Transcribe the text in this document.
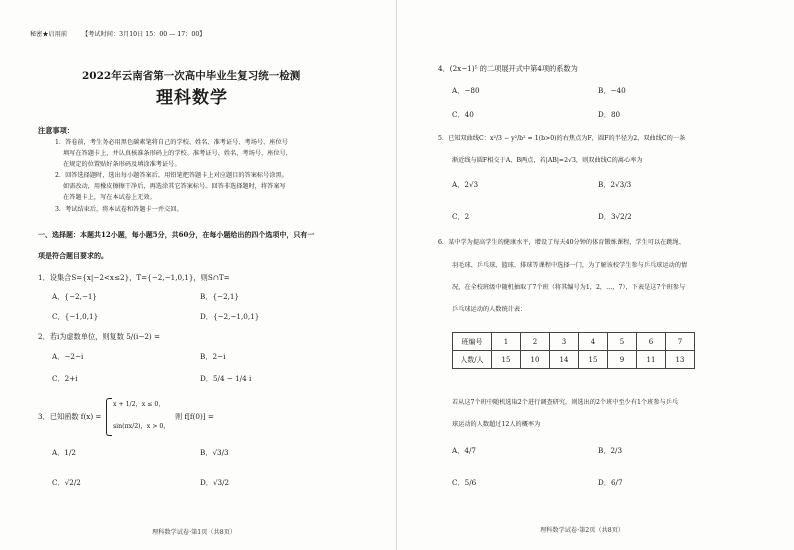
秘密★启用前 【考试时间：3月10日 15：00 — 17：00】
2022年云南省第一次高中毕业生复习统一检测
理科数学
注意事项：
1．答卷前，考生务必用黑色碳素笔将自己的学校、姓名、准考证号、考场号、座位号
填写在答题卡上，并认真核准条形码上的学校、准考证号、姓名、考场号、座位号，
在规定的位置贴好条形码及填涂准考证号。
2．回答选择题时，选出每小题答案后，用铅笔把答题卡上对应题目的答案标号涂黑。
如需改动，用橡皮擦擦干净后，再选涂其它答案标号。回答非选择题时，将答案写
在答题卡上，写在本试卷上无效。
3．考试结束后，将本试卷和答题卡一并交回。
一、选择题：本题共12小题，每小题5分，共60分，在每小题给出的四个选项中，只有一
项是符合题目要求的。
1．设集合S={x|−2<x≤2}，T={−2,−1,0,1}，则S∩T=
A．{−2,−1}	B．{−2,1}
C．{−1,0,1}	D．{−2,−1,0,1}
2．若i为虚数单位，则复数 5/(i−2) =
A．−2−i	B．2−i
C．2+i	D．5/4 − 1/4 i
3．已知函数 f(x) =
x + 1/2，x ≤ 0，
sin(πx/2)，x > 0，
则 f[f(0)] =
A．1/2	B．√3/3
C．√2/2	D．√3/2
理科数学试卷·第1页（共8页）
4．(2x−1)⁵ 的二项展开式中第4项的系数为
A．−80	B．−40
C．40	D．80
5．已知双曲线C：x²/3 − y²/b² = 1(b>0)的右焦点为F，圆F的半径为2，双曲线C的一条
渐近线与圆F相交于A、B两点，若|AB|=2√3，则双曲线C的离心率为
A．2√3	B．2√3/3
C．2	D．3√2/2
6．某中学为提高学生的健康水平，增设了每天40分钟的体育锻炼课程，学生可以在跳绳、
羽毛球、乒乓球、篮球、排球等课程中选择一门，为了解该校学生参与乒乓球运动的情
况，在全校班级中随机抽取了7个班（将其编号为1，2，…，7），下表是这7个班参与
乒乓球运动的人数统计表：
班编号	1	2	3	4	5	6	7
人数/人	15	10	14	15	9	11	13
若从这7个班中随机选取2个进行调查研究，则选出的2个班中至少有1个班参与乒乓
球运动的人数超过12人的概率为
A．4/7	B．2/3
C．5/6	D．6/7
理科数学试卷·第2页（共8页）
